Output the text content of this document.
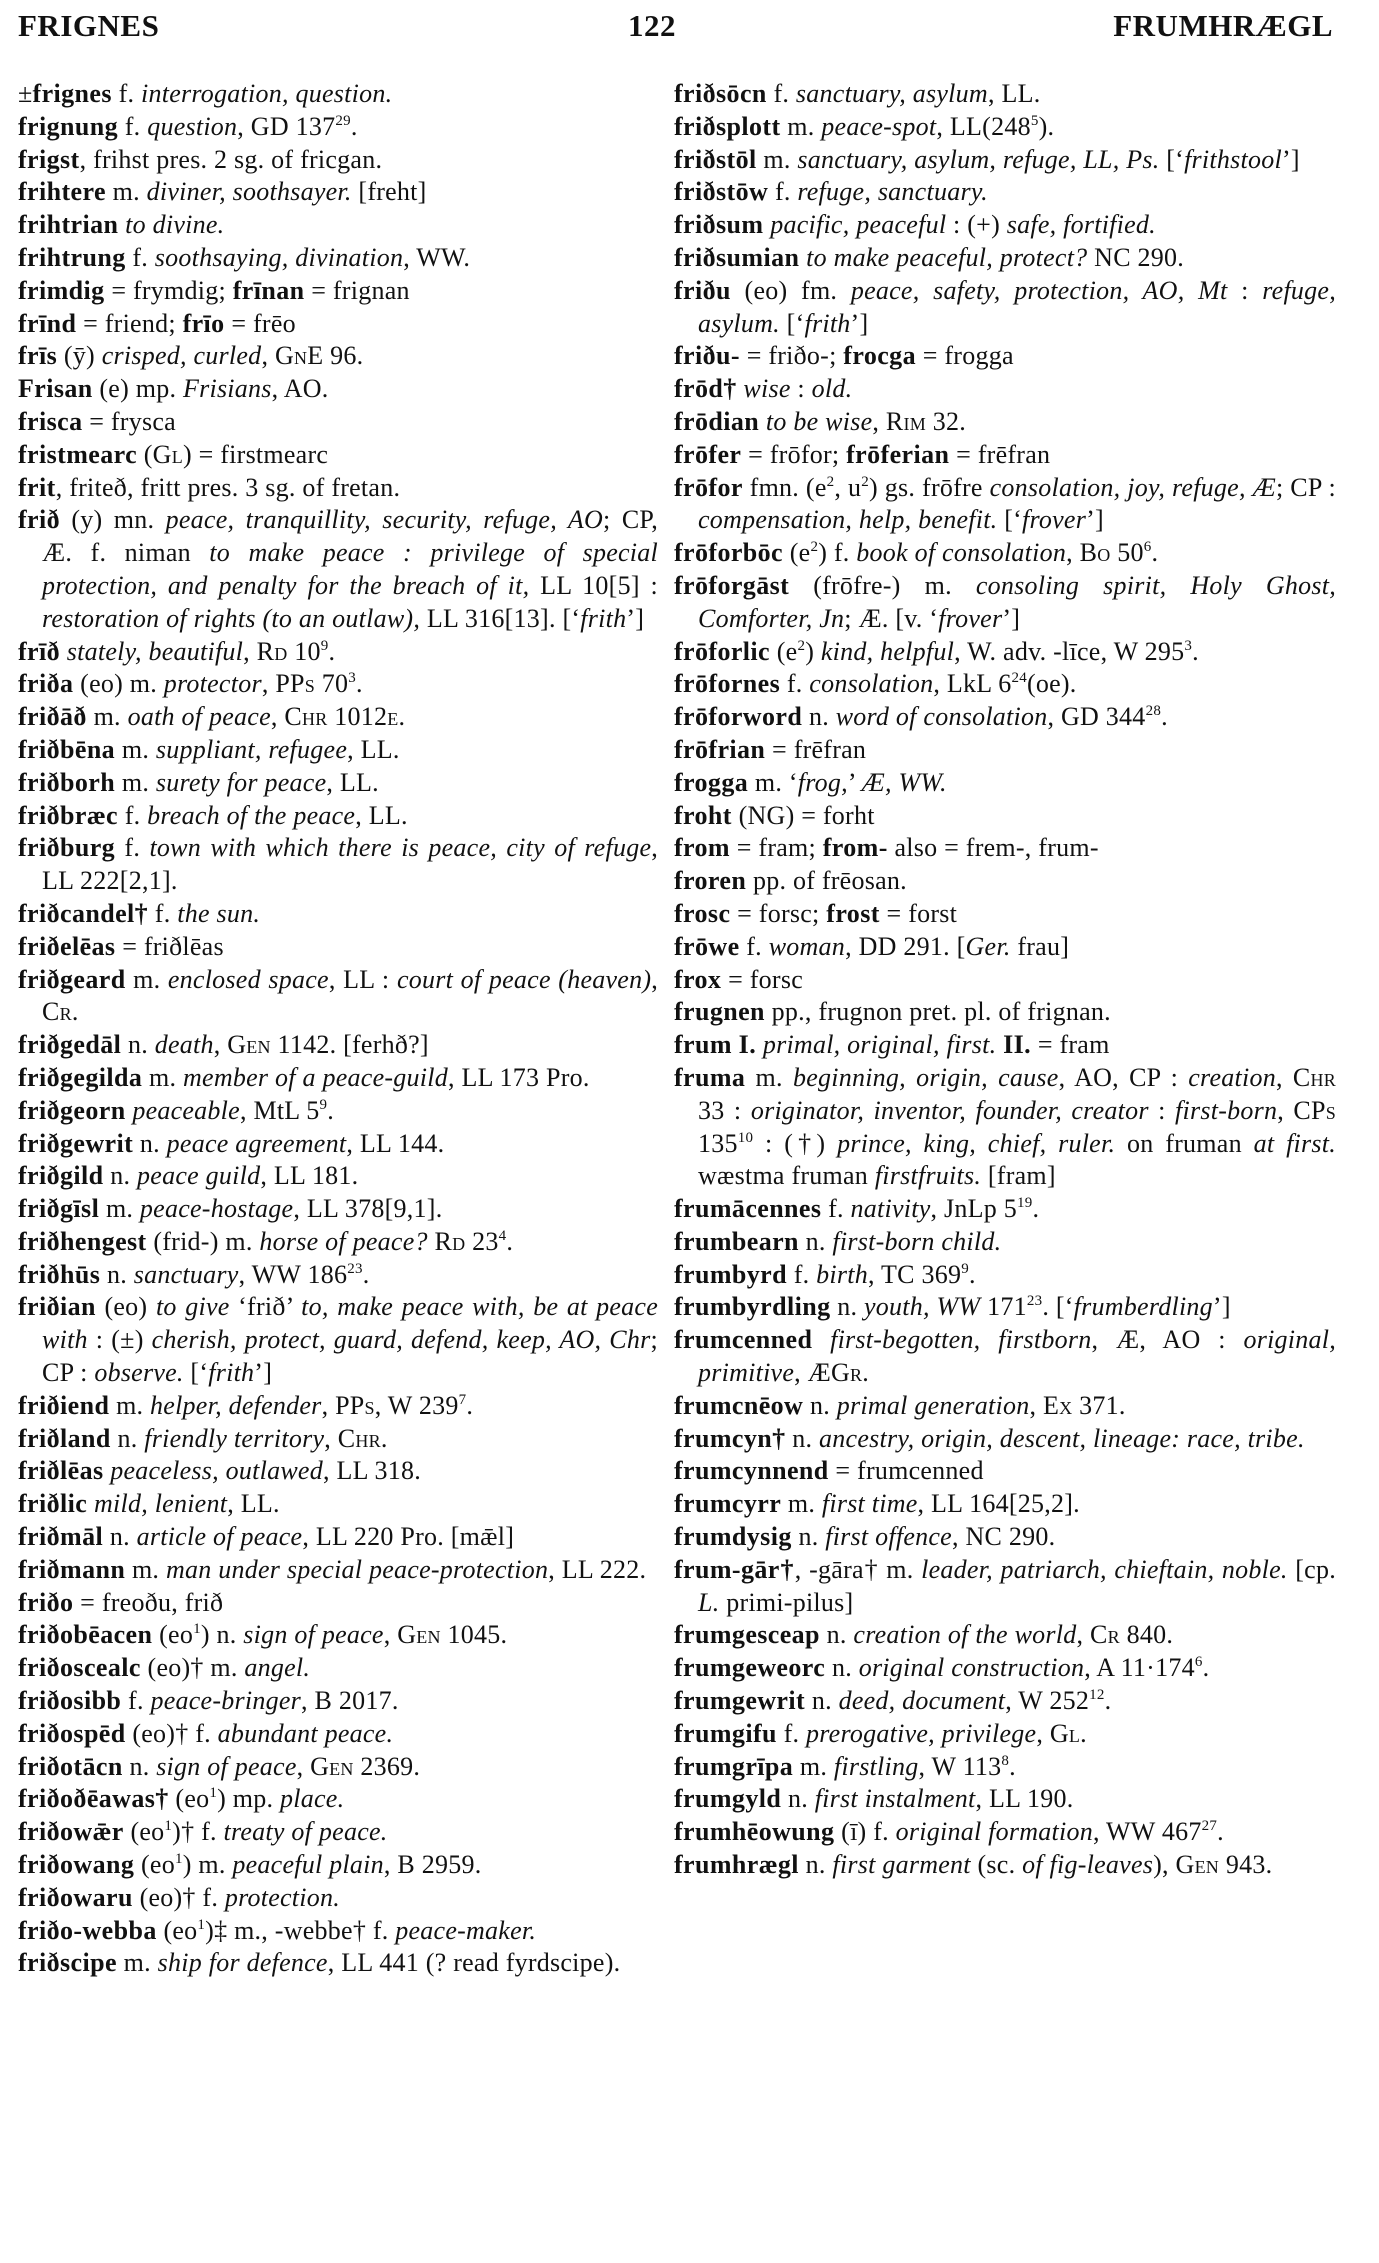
FRIGNES	122	FRUMHRÆGL
±frignes f. interrogation, question.
frignung f. question, GD $137^{29}$.
frigst, frihst pres. 2 sg. of fricgan.
frihtere m. diviner, soothsayer. [freht]
frihtrian to divine.
frihtrung f. soothsaying, divination, WW.
frimdig = frymdig; frīnan = frignan
frīnd = friend; frīo = frēo
frīs (ȳ) crisped, curled, GnE 96.
Frisan (e) mp. Frisians, AO.
frisca = frysca
fristmearc (Gl) = firstmearc
frit, friteð, fritt pres. 3 sg. of fretan.
frið (y) mn. peace, tranquillity, security, refuge, AO; CP, Æ. f. niman to make peace : privilege of special protection, and penalty for the breach of it, LL 10[5] : restoration of rights (to an outlaw), LL 316[13]. [‘frith’]
frīð stately, beautiful, Rd $10^9$.
friða (eo) m. protector, PPs $70^3$.
friðāð m. oath of peace, Chr 1012e.
friðbēna m. suppliant, refugee, LL.
friðborh m. surety for peace, LL.
friðbræc f. breach of the peace, LL.
friðburg f. town with which there is peace, city of refuge, LL 222[2,1].
friðcandel† f. the sun.
friðelēas = friðlēas
friðgeard m. enclosed space, LL : court of peace (heaven), Cr.
friðgedāl n. death, Gen 1142. [ferhð?]
friðgegilda m. member of a peace-guild, LL 173 Pro.
friðgeorn peaceable, MtL $5^9$.
friðgewrit n. peace agreement, LL 144.
friðgild n. peace guild, LL 181.
friðgīsl m. peace-hostage, LL 378[9,1].
friðhengest (frid-) m. horse of peace? Rd $23^4$.
friðhūs n. sanctuary, WW $186^{23}$.
friðian (eo) to give ‘frið’ to, make peace with, be at peace with : (±) cherish, protect, guard, defend, keep, AO, Chr; CP : observe. [‘frith’]
friðiend m. helper, defender, PPs, W $239^7$.
friðland n. friendly territory, Chr.
friðlēas peaceless, outlawed, LL 318.
friðlic mild, lenient, LL.
friðmāl n. article of peace, LL 220 Pro. [mǣl]
friðmann m. man under special peace-protection, LL 222.
friðo = freoðu, frið
friðobēacen $(eo^1)$ n. sign of peace, Gen 1045.
friðoscealc (eo)† m. angel.
friðosibb f. peace-bringer, B 2017.
friðospēd (eo)† f. abundant peace.
friðotācn n. sign of peace, Gen 2369.
friðoðēawas† $(eo^1)$ mp. place.
friðowǣr $(eo^1)\dagger$ f. treaty of peace.
friðowang $(eo^1)$ m. peaceful plain, B 2959.
friðowaru (eo)† f. protection.
friðo-webba $(eo^1)\ddagger$ m., -webbe† f. peace-maker.
friðscipe m. ship for defence, LL 441 (? read fyrdscipe).
friðsōcn f. sanctuary, asylum, LL.
friðsplott m. peace-spot, $LL(248^5)$.
friðstōl m. sanctuary, asylum, refuge, LL, Ps. [‘frithstool’]
friðstōw f. refuge, sanctuary.
friðsum pacific, peaceful : (+) safe, fortified.
friðsumian to make peaceful, protect? NC 290.
friðu (eo) fm. peace, safety, protection, AO, Mt : refuge, asylum. [‘frith’]
friðu- = friðo-; frocga = frogga
frōd† wise : old.
frōdian to be wise, Rim 32.
frōfer = frōfor; frōferian = frēfran
frōfor fmn. ($e^2$, $u^2$) gs. frōfre consolation, joy, refuge, Æ; CP : compensation, help, benefit. [‘frover’]
frōforbōc $(e^2)$ f. book of consolation, Bo $50^6$.
frōforgāst (frōfre-) m. consoling spirit, Holy Ghost, Comforter, Jn; Æ. [v. ‘frover’]
frōforlic $(e^2)$ kind, helpful, W. adv. -līce, W $295^3$.
frōfornes f. consolation, LkL $6^{24}(oe)$.
frōforword n. word of consolation, GD $344^{28}$.
frōfrian = frēfran
frogga m. ‘frog,’ Æ, WW.
froht (NG) = forht
from = fram; from- also = frem-, frum-
froren pp. of frēosan.
frosc = forsc; frost = forst
frōwe f. woman, DD 291. [Ger. frau]
frox = forsc
frugnen pp., frugnon pret. pl. of frignan.
frum I. primal, original, first. II. = fram
fruma m. beginning, origin, cause, AO, CP : creation, Chr 33 : originator, inventor, founder, creator : first-born, CPs $135^{10}$ : (†) prince, king, chief, ruler. on fruman at first. wæstma fruman firstfruits. [fram]
frumācennes f. nativity, JnLp $5^{19}$.
frumbearn n. first-born child.
frumbyrd f. birth, TC $369^9$.
frumbyrdling n. youth, WW $171^{23}$. [‘frumberdling’]
frumcenned first-begotten, firstborn, Æ, AO : original, primitive, ÆGr.
frumcnēow n. primal generation, Ex 371.
frumcyn† n. ancestry, origin, descent, lineage: race, tribe.
frumcynnend = frumcenned
frumcyrr m. first time, LL 164[25,2].
frumdysig n. first offence, NC 290.
frum-gār†, -gāra† m. leader, patriarch, chieftain, noble. [cp. L. primi-pilus]
frumgesceap n. creation of the world, Cr 840.
frumgeweorc n. original construction, A $11\cdot 174^6$.
frumgewrit n. deed, document, W $252^{12}$.
frumgifu f. prerogative, privilege, Gl.
frumgrīpa m. firstling, W $113^8$.
frumgyld n. first instalment, LL 190.
frumhēowung (ī) f. original formation, WW $467^{27}$.
frumhrægl n. first garment (sc. of fig-leaves), Gen 943.
